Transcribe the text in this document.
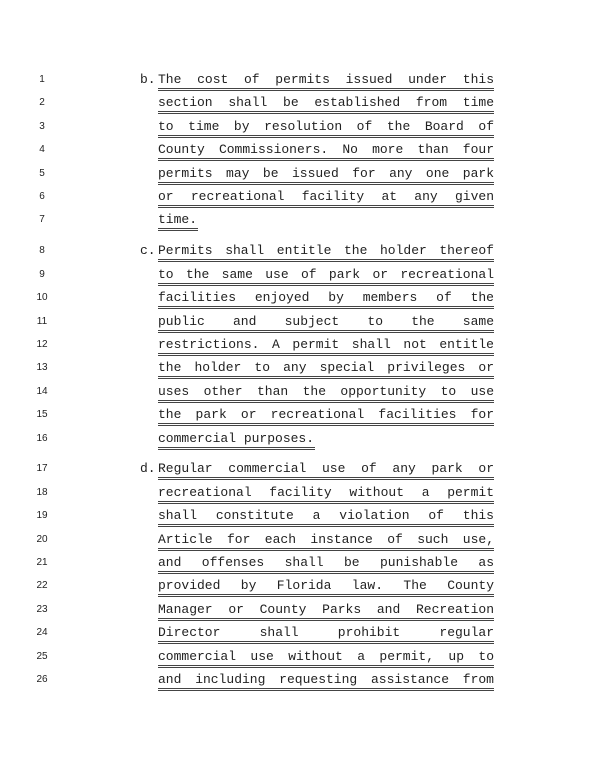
1	b. The cost of permits issued under this
2	section shall be established from time
3	to time by resolution of the Board of
4	County Commissioners. No more than four
5	permits may be issued for any one park
6	or recreational facility at any given
7	time.
8	c. Permits shall entitle the holder thereof
9	to the same use of park or recreational
10	facilities enjoyed by members of the
11	public and subject to the same
12	restrictions. A permit shall not entitle
13	the holder to any special privileges or
14	uses other than the opportunity to use
15	the park or recreational facilities for
16	commercial purposes.
17	d. Regular commercial use of any park or
18	recreational facility without a permit
19	shall constitute a violation of this
20	Article for each instance of such use,
21	and offenses shall be punishable as
22	provided by Florida law. The County
23	Manager or County Parks and Recreation
24	Director shall prohibit regular
25	commercial use without a permit, up to
26	and including requesting assistance from
